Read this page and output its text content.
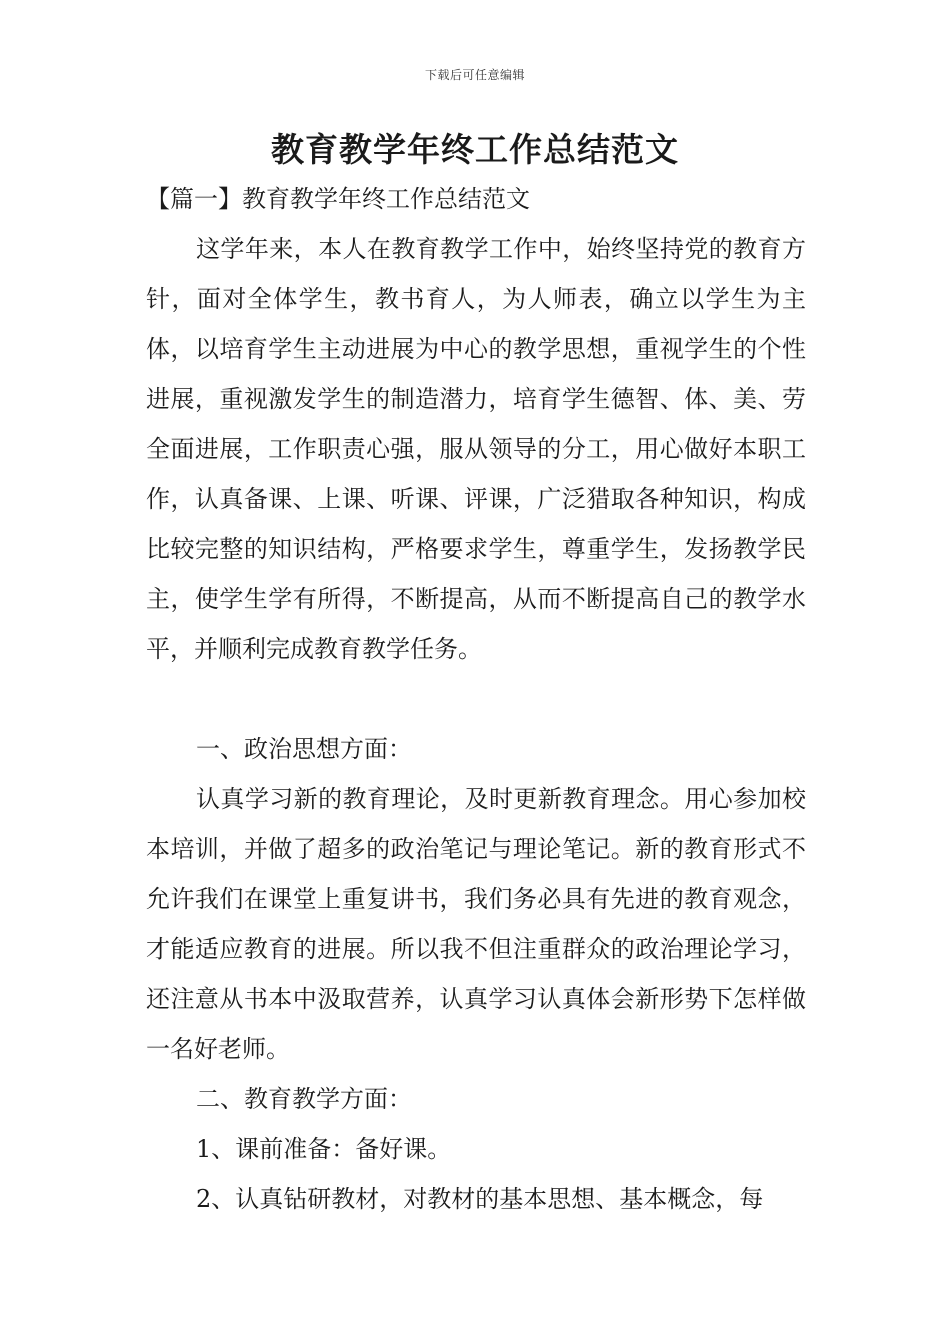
下载后可任意编辑
教育教学年终工作总结范文
【篇一】教育教学年终工作总结范文

这学年来，本人在教育教学工作中，始终坚持党的教育方针，面对全体学生，教书育人，为人师表，确立以学生为主体，以培育学生主动进展为中心的教学思想，重视学生的个性进展，重视激发学生的制造潜力，培育学生德智、体、美、劳全面进展，工作职责心强，服从领导的分工，用心做好本职工作，认真备课、上课、听课、评课，广泛猎取各种知识，构成比较完整的知识结构，严格要求学生，尊重学生，发扬教学民主，使学生学有所得，不断提高，从而不断提高自己的教学水平，并顺利完成教育教学任务。

一、政治思想方面：

认真学习新的教育理论，及时更新教育理念。用心参加校本培训，并做了超多的政治笔记与理论笔记。新的教育形式不允许我们在课堂上重复讲书，我们务必具有先进的教育观念，才能适应教育的进展。所以我不但注重群众的政治理论学习，还注意从书本中汲取营养，认真学习认真体会新形势下怎样做一名好老师。

二、教育教学方面：

1、课前准备：备好课。

2、认真钻研教材，对教材的基本思想、基本概念，每
